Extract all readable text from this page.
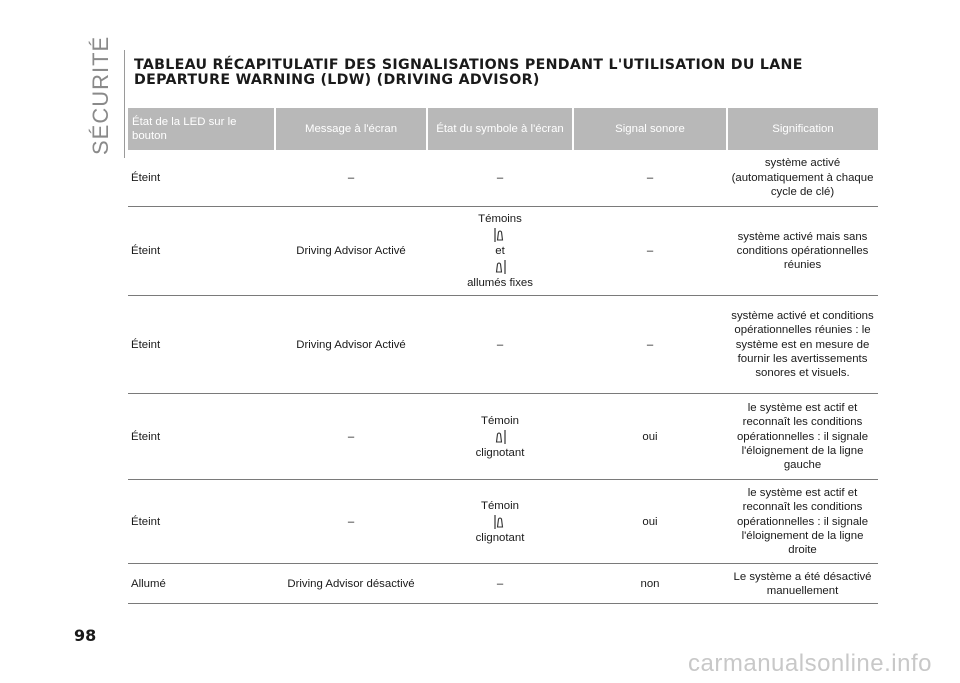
SÉCURITÉ TABLEAU RÉCAPITULATIF DES SIGNALISATIONS PENDANT L'UTILISATION DU LANE DEPARTURE WARNING (LDW) (DRIVING ADVISOR)
État de la LED sur le bouton	Message à l'écran	État du symbole à l'écran	Signal sonore	Signification
Éteint	–	–	–	système activé (automatiquement à chaque cycle de clé)
Éteint	Driving Advisor Activé	Témoins
et
allumés fixes	–	système activé mais sans conditions opérationnelles réunies
Éteint	Driving Advisor Activé	–	–	système activé et conditions opérationnelles réunies : le système est en mesure de fournir les avertissements sonores et visuels.
Éteint	–	Témoin
clignotant	oui	le système est actif et reconnaît les conditions opérationnelles : il signale l'éloignement de la ligne gauche
Éteint	–	Témoin
clignotant	oui	le système est actif et reconnaît les conditions opérationnelles : il signale l'éloignement de la ligne droite
Allumé	Driving Advisor désactivé	–	non	Le système a été désactivé manuellement
98
carmanualsonline.info
